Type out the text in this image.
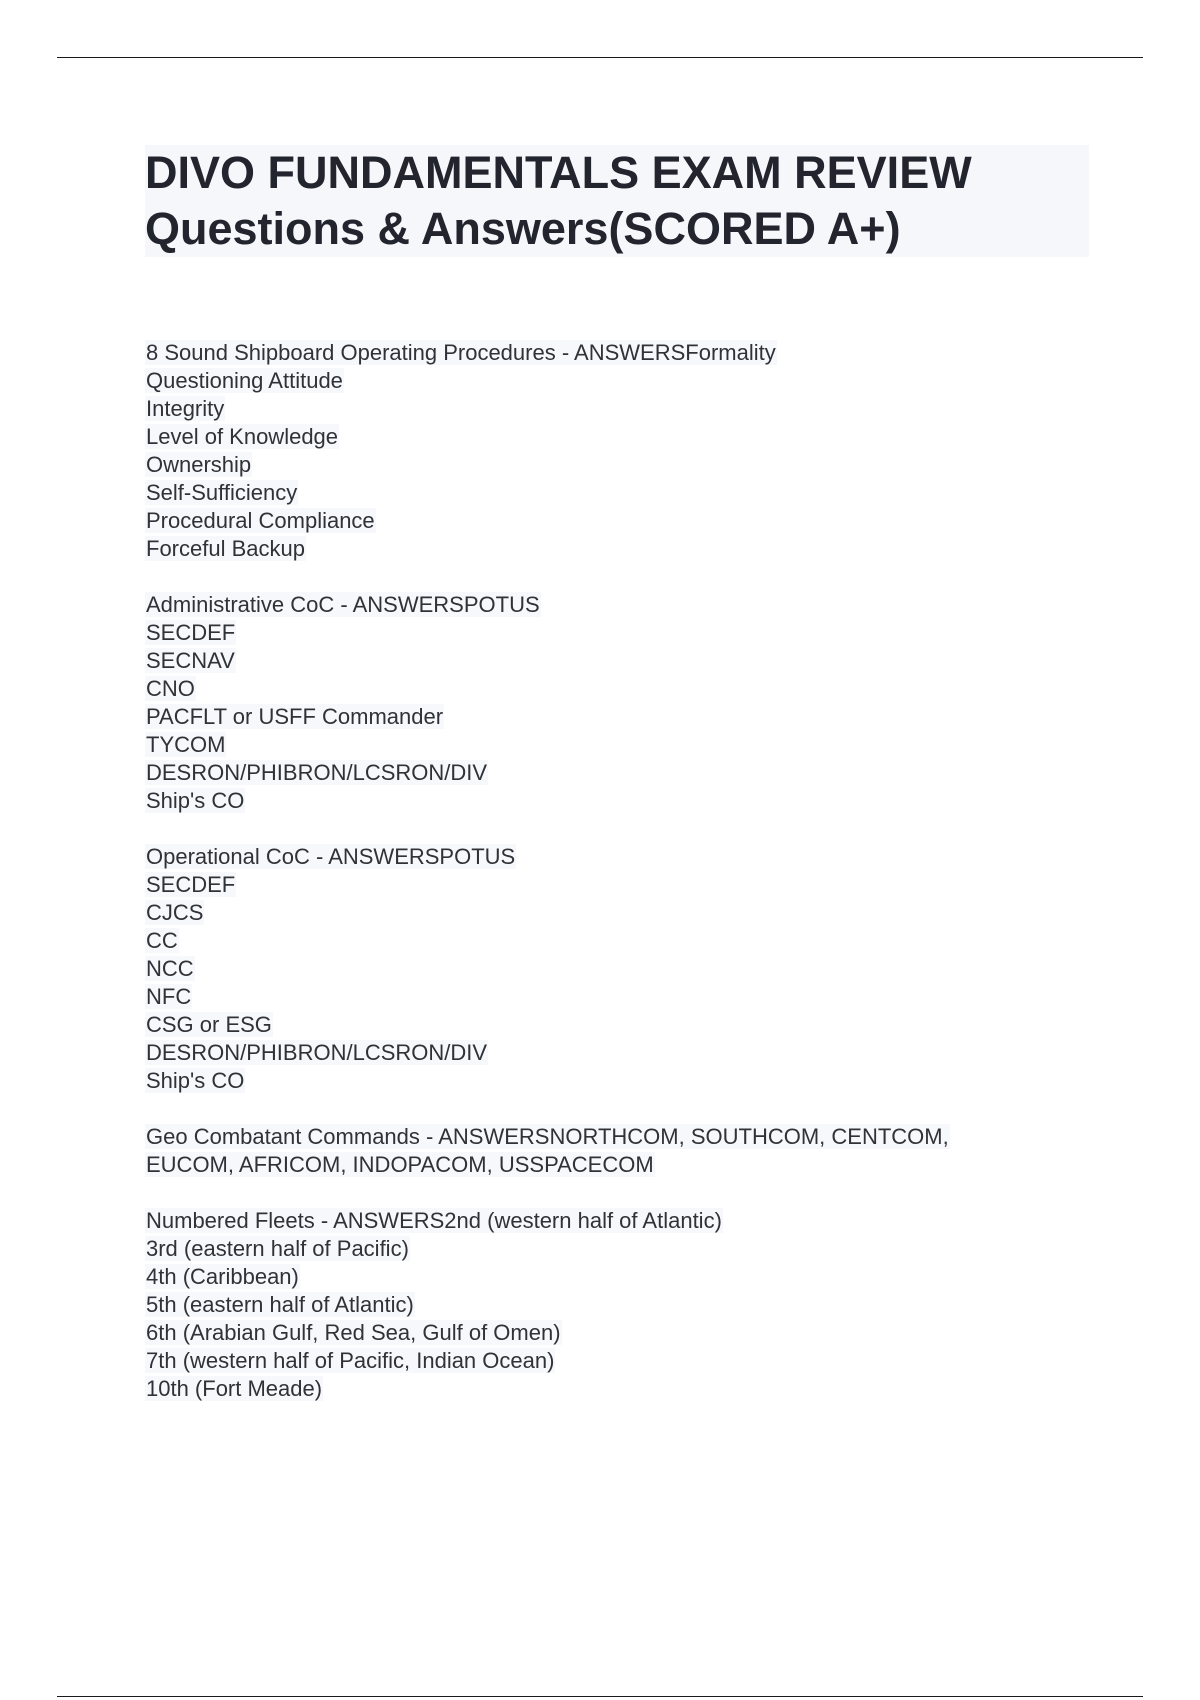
DIVO FUNDAMENTALS EXAM REVIEW
Questions & Answers(SCORED A+)
8 Sound Shipboard Operating Procedures - ANSWERSFormality
Questioning Attitude
Integrity
Level of Knowledge
Ownership
Self-Sufficiency
Procedural Compliance
Forceful Backup
Administrative CoC - ANSWERSPOTUS
SECDEF
SECNAV
CNO
PACFLT or USFF Commander
TYCOM
DESRON/PHIBRON/LCSRON/DIV
Ship's CO
Operational CoC - ANSWERSPOTUS
SECDEF
CJCS
CC
NCC
NFC
CSG or ESG
DESRON/PHIBRON/LCSRON/DIV
Ship's CO
Geo Combatant Commands - ANSWERSNORTHCOM, SOUTHCOM, CENTCOM,
EUCOM, AFRICOM, INDOPACOM, USSPACECOM
Numbered Fleets - ANSWERS2nd (western half of Atlantic)
3rd (eastern half of Pacific)
4th (Caribbean)
5th (eastern half of Atlantic)
6th (Arabian Gulf, Red Sea, Gulf of Omen)
7th (western half of Pacific, Indian Ocean)
10th (Fort Meade)
